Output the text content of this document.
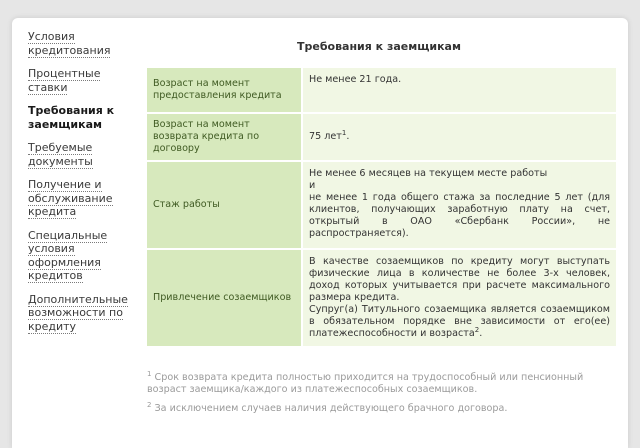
Условия кредитования
Процентные ставки
Требования к заемщикам
Требуемые документы
Получение и обслуживание кредита
Специальные условия оформления кредитов
Дополнительные возможности по кредиту
Требования к заемщикам
Возраст на момент предоставления кредита	Не менее 21 года.
Возраст на момент возврата кредита по договору	75 лет$^1$.
Стаж работы	Не менее 6 месяцев на текущем месте работы
и
не менее 1 года общего стажа за последние 5 лет (для клиентов, получающих заработную плату на счет, открытый в ОАО «Сбербанк России», не распространяется).

Привлечение созаемщиков	В качестве созаемщиков по кредиту могут выступать физические лица в количестве не более 3-х человек, доход которых учитывается при расчете максимального размера кредита.
Супруг(а) Титульного созаемщика является созаемщиком в обязательном порядке вне зависимости от его(ее) платежеспособности и возраста$^2$.
$^1$ Срок возврата кредита полностью приходится на трудоспособный или пенсионный возраст заемщика/каждого из платежеспособных созаемщиков.
$^2$ За исключением случаев наличия действующего брачного договора.
